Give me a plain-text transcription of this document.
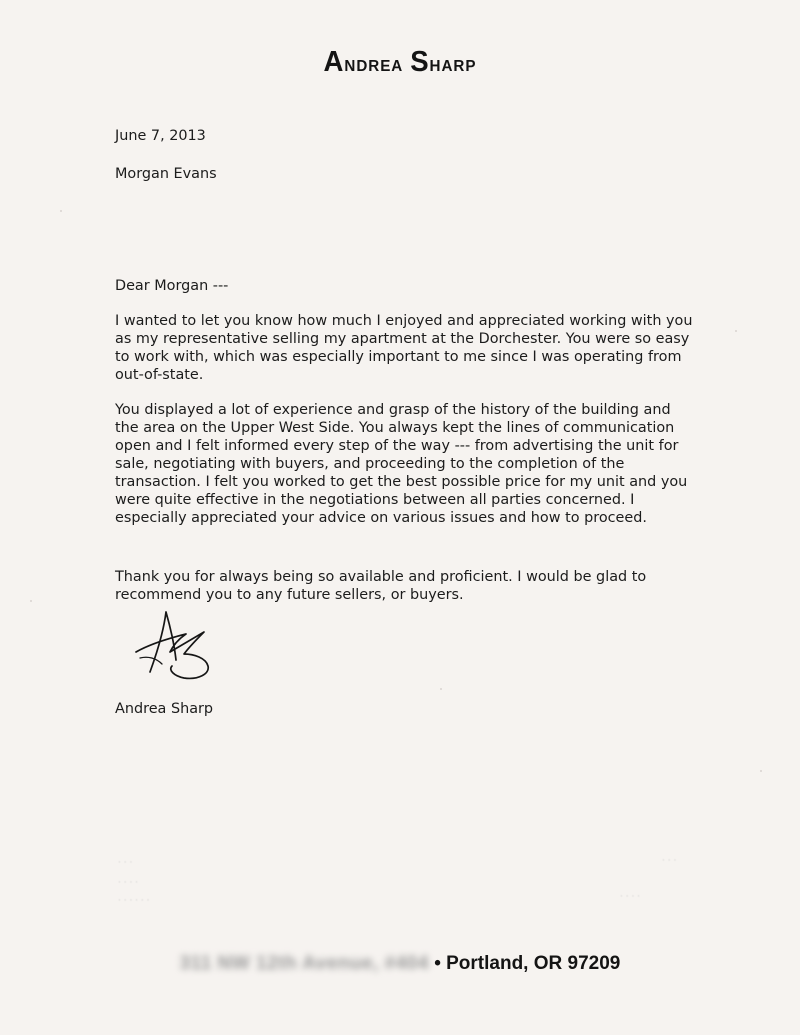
Andrea Sharp
June 7, 2013
Morgan Evans
Dear Morgan ---
I wanted to let you know how much I enjoyed and appreciated working with you as my representative selling my apartment at the Dorchester. You were so easy to work with, which was especially important to me since I was operating from out-of-state.
You displayed a lot of experience and grasp of the history of the building and the area on the Upper West Side. You always kept the lines of communication open and I felt informed every step of the way --- from advertising the unit for sale, negotiating with buyers, and proceeding to the completion of the transaction. I felt you worked to get the best possible price for my unit and you were quite effective in the negotiations between all parties concerned. I especially appreciated your advice on various issues and how to proceed.
Thank you for always being so available and proficient. I would be glad to recommend you to any future sellers, or buyers.
Andrea Sharp
· · ·
· · · ·
· · · · · ·
· · ·
· · · ·
311 NW 12th Avenue, #404 • Portland, OR 97209
